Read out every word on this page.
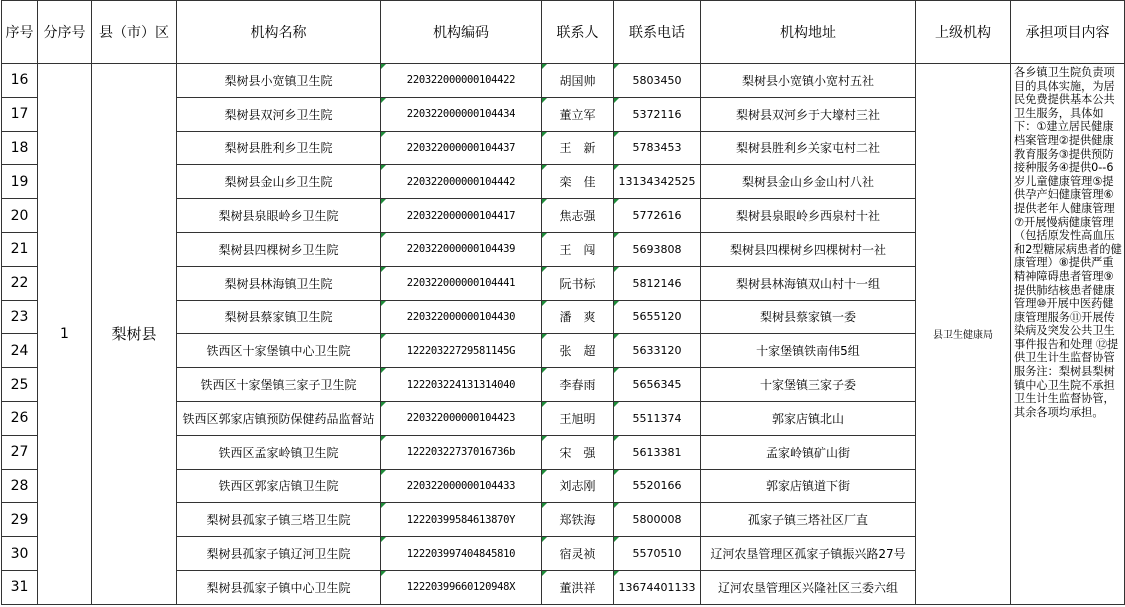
序号	分序号	县（市）区	机构名称	机构编码	联系人	联系电话	机构地址	上级机构	承担项目内容
16	1	梨树县	梨树县小宽镇卫生院	220322000000104422	胡国帅	5803450	梨树县小宽镇小宽村五社	县卫生健康局	各乡镇卫生院负责项目的具体实施，为居民免费提供基本公共卫生服务，具体如下：①建立居民健康档案管理②提供健康教育服务③提供预防接种服务④提供0--6岁儿童健康管理⑤提供孕产妇健康管理⑥提供老年人健康管理⑦开展慢病健康管理（包括原发性高血压和2型糖尿病患者的健康管理）⑧提供严重精神障碍患者管理⑨提供肺结核患者健康管理⑩开展中医药健康管理服务⑪开展传染病及突发公共卫生事件报告和处理 ⑫提供卫生计生监督协管服务注：梨树县梨树镇中心卫生院不承担卫生计生监督协管，其余各项均承担。
17			梨树县双河乡卫生院	220322000000104434	董立军	5372116	梨树县双河乡于大壕村三社		
18			梨树县胜利乡卫生院	220322000000104437	王　新	5783453	梨树县胜利乡关家屯村二社		
19			梨树县金山乡卫生院	220322000000104442	栾　佳	13134342525	梨树县金山乡金山村八社		
20			梨树县泉眼岭乡卫生院	220322000000104417	焦志强	5772616	梨树县泉眼岭乡西泉村十社		
21			梨树县四棵树乡卫生院	220322000000104439	王　闯	5693808	梨树县四棵树乡四棵树村一社		
22			梨树县林海镇卫生院	220322000000104441	阮书标	5812146	梨树县林海镇双山村十一组		
23			梨树县蔡家镇卫生院	220322000000104430	潘　爽	5655120	梨树县蔡家镇一委		
24			铁西区十家堡镇中心卫生院	12220322729581145G	张　超	5633120	十家堡镇铁南伟5组		
25			铁西区十家堡镇三家子卫生院	122203224131314040	李春雨	5656345	十家堡镇三家子委		
26			铁西区郭家店镇预防保健药品监督站	220322000000104423	王旭明	5511374	郭家店镇北山		
27			铁西区孟家岭镇卫生院	12220322737016736b	宋　强	5613381	孟家岭镇矿山街		
28			铁西区郭家店镇卫生院	220322000000104433	刘志刚	5520166	郭家店镇道下街		
29			梨树县孤家子镇三塔卫生院	12220399584613870Y	郑铁海	5800008	孤家子镇三塔社区厂直		
30			梨树县孤家子镇辽河卫生院	122203997404845810	宿灵祯	5570510	辽河农垦管理区孤家子镇振兴路27号		
31			梨树县孤家子镇中心卫生院	12220399660120948X	董洪祥	13674401133	辽河农垦管理区兴隆社区三委六组		
